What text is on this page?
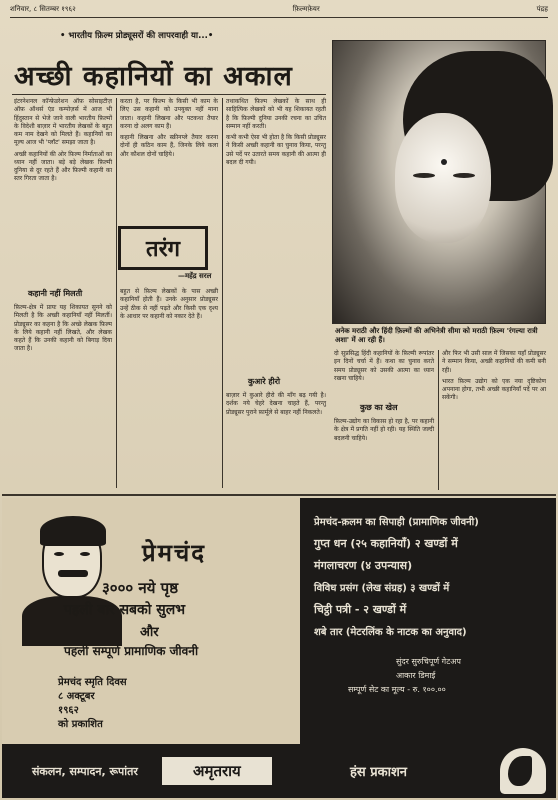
शनिवार, ८ सितम्बर १९६२	फ़िल्मफ़ेयर	पंद्रह
• भारतीय फ़िल्म प्रोड्यूसरों की लापरवाही या...•
अच्छी कहानियों का अकाल

इंटरनेशनल कॉन्फ़ेडरेशन ऑफ़ सोसाइटीज़ ऑफ़ ऑथर्स एंड कम्पोज़र्स में आज भी हिंदुस्तान से भेजे जाने वाली भारतीय फ़िल्मों के विदेशी बाज़ार में भारतीय लेखकों के बहुत कम नाम देखने को मिलते हैं। कहानियों का मूल्य आज भी 'प्लॉट' समझा जाता है।

अच्छी कहानियों की ओर फ़िल्म निर्माताओं का ध्यान नहीं जाता। बड़े बड़े लेखक फ़िल्मी दुनिया से दूर रहते हैं और फ़िल्मी कहानी का स्तर गिरता जाता है।

कहानी नहीं मिलती

फ़िल्म-क्षेत्र में प्रायः यह शिकायत सुनने को मिलती है कि अच्छी कहानियाँ नहीं मिलतीं। प्रोड्यूसर का कहना है कि अच्छे लेखक फ़िल्म के लिये कहानी नहीं लिखते, और लेखक कहते हैं कि उनकी कहानी को बिगाड़ दिया जाता है।

करता है, पर फ़िल्म के किसी भी काम के लिए उस कहानी को उपयुक्त नहीं माना जाता। कहानी लिखना और पटकथा तैयार करना दो अलग काम हैं।

कहानी लिखना और स्क्रीनप्ले तैयार करना दोनों ही कठिन काम हैं, जिनके लिये कला और कौशल दोनों चाहिये।

तरंग
—महेंद्र सरल

बहुत से फ़िल्म लेखकों के पास अच्छी कहानियाँ होती हैं। उनके अनुसार प्रोड्यूसर उन्हें ठीक से नहीं पढ़ते और किसी एक दृश्य के आधार पर कहानी को नकार देते हैं।

तथाकथित फ़िल्म लेखकों के साथ ही साहित्यिक लेखकों को भी यह शिकायत रहती है कि फ़िल्मी दुनिया उनकी रचना का उचित सम्मान नहीं करती।

कभी कभी ऐसा भी होता है कि किसी प्रोड्यूसर ने किसी अच्छी कहानी का चुनाव किया, परन्तु उसे पर्दे पर उतारते समय कहानी की आत्मा ही बदल दी गयी।

कुआरे हीरो

बाज़ार में कुआरे हीरो की माँग बढ़ गयी है। दर्शक नये चेहरे देखना चाहते हैं, परन्तु प्रोड्यूसर पुराने फ़ार्मूले से बाहर नहीं निकलते।

अनेक मराठी और हिंदी फ़िल्मों की अभिनेत्री सीमा को मराठी फ़िल्म 'रंगल्या रात्री अशा' में आ रही हैं।

दो सुप्रसिद्ध हिंदी कहानियों के फ़िल्मी रूपांतर इन दिनों चर्चा में हैं। कथा का चुनाव करते समय प्रोड्यूसर को उसकी आत्मा का ध्यान रखना चाहिये।

कुछ का खेल

फ़िल्म-उद्योग का विकास हो रहा है, पर कहानी के क्षेत्र में प्रगति नहीं हो रही। यह स्थिति जल्दी बदलनी चाहिये।

और फिर भी उसी साल में जिसका यहाँ प्रोड्यूसर ने सम्मान किया, अच्छी कहानियों की कमी बनी रही।

भारत फ़िल्म उद्योग को एक नया दृष्टिकोण अपनाना होगा, तभी अच्छी कहानियाँ पर्दे पर आ सकेंगी।

प्रेमचंद
३००० नये पृष्ठ
पहली बार सबको सुलभ
और
पहली सम्पूर्ण प्रामाणिक जीवनी
प्रेमचंद स्मृति दिवस
८ अक्टूबर
१९६२
को प्रकाशित
संकलन, सम्पादन, रूपांतर	अमृतराय
प्रेमचंद-क़लम का सिपाही (प्रामाणिक जीवनी)
गुप्त धन (२५ कहानियाँ) २ खण्डों में
मंगलाचरण (४ उपन्यास)
विविध प्रसंग (लेख संग्रह) ३ खण्डों में
चिट्ठी पत्री - २ खण्डों में
शबे तार (मेटरलिंक के नाटक का अनुवाद)
सुंदर सुरुचिपूर्ण गेटअप
आकार डिमाई
सम्पूर्ण सेट का मूल्य - रु. १००.००
हंस प्रकाशन
